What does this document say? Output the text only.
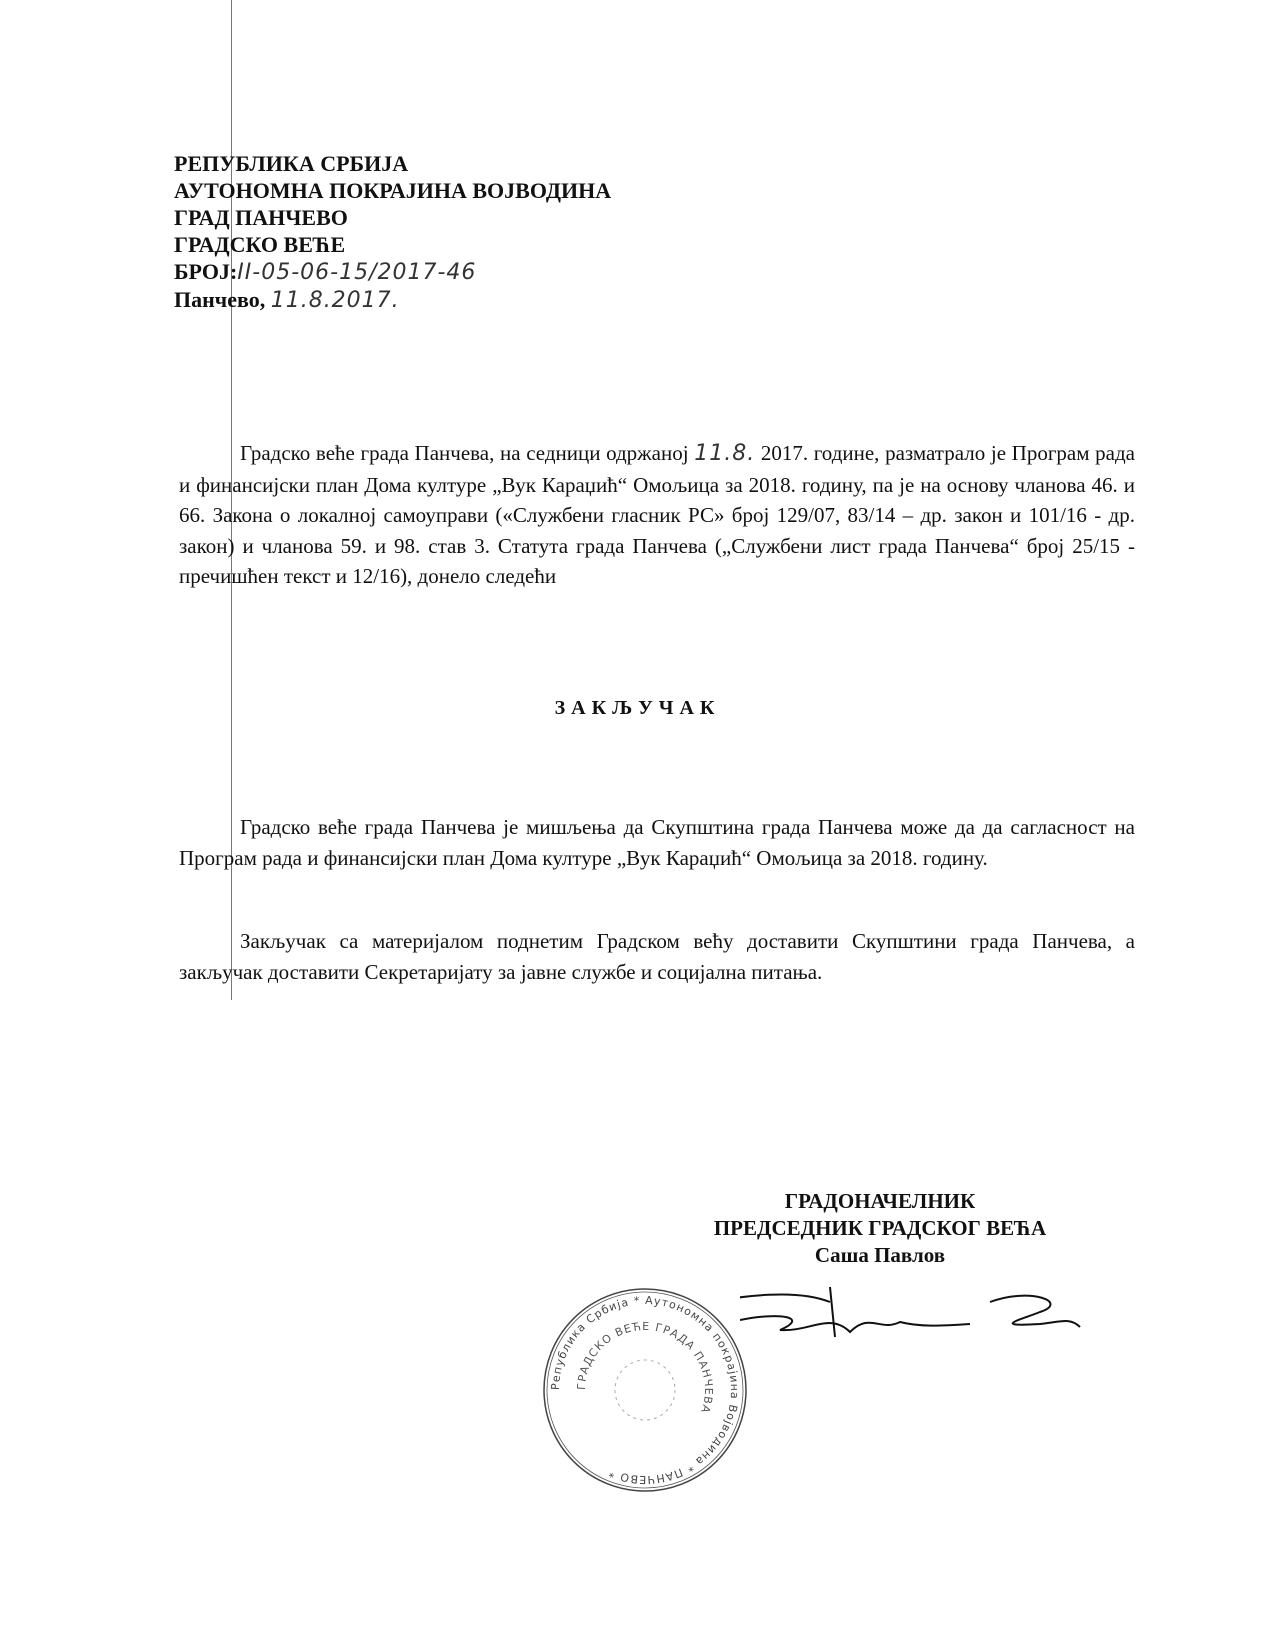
РЕПУБЛИКА СРБИЈА
АУТОНОМНА ПОКРАЈИНА ВОЈВОДИНА
ГРАД ПАНЧЕВО
ГРАДСКО ВЕЋЕ
БРОЈ:II-05-06-15/2017-46
Панчево, 11.8.2017.
Градско веће града Панчева, на седници одржаној 11.8. 2017. године, разматрало је Програм рада и финансијски план Дома културе „Вук Караџић“ Омољица за 2018. годину, па је на основу чланова 46. и 66. Закона о локалној самоуправи («Службени гласник РС» број 129/07, 83/14 – др. закон и 101/16 - др. закон) и чланова 59. и 98. став 3. Статута града Панчева („Службени лист града Панчева“ број 25/15 - пречишћен текст и 12/16), донело следећи
ЗАКЉУЧАК
Градско веће града Панчева је мишљења да Скупштина града Панчева може да да сагласност на Програм рада и финансијски план Дома културе „Вук Караџић“ Омољица за 2018. годину.
Закључак са материјалом поднетим Градском већу доставити Скупштини града Панчева, а закључак доставити Секретаријату за јавне службе и социјална питања.
ГРАДОНАЧЕЛНИК
ПРЕДСЕДНИК ГРАДСКОГ ВЕЋА
Саша Павлов
Република Србија * Аутономна покрајина Војводина * ПАНЧЕВО *
ГРАДСКО ВЕЋЕ ГРАДА ПАНЧЕВА
